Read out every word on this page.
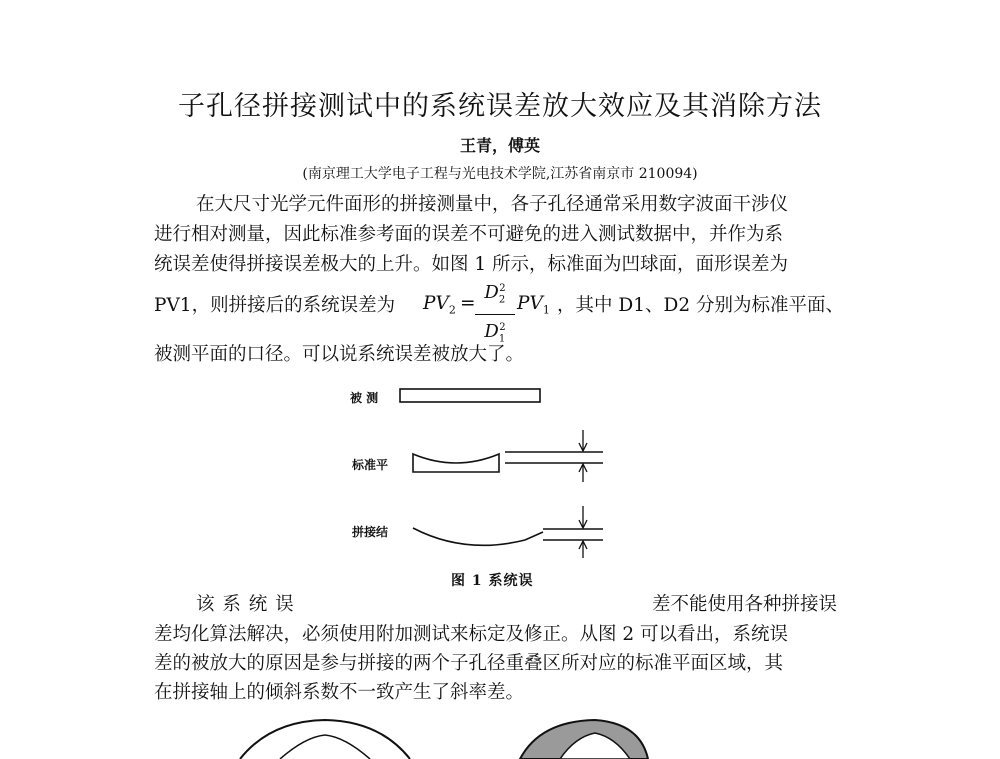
子孔径拼接测试中的系统误差放大效应及其消除方法
王青，傅英
(南京理工大学电子工程与光电技术学院,江苏省南京市 210094)
在大尺寸光学元件面形的拼接测量中，各子孔径通常采用数字波面干涉仪
进行相对测量，因此标准参考面的误差不可避免的进入测试数据中，并作为系
统误差使得拼接误差极大的上升。如图 1 所示，标准面为凹球面，面形误差为
PV1，则拼接后的系统误差为 $PV_2 = \frac{D_2^2}{D_1^2} PV_1$ ，其中 D1、D2 分别为标准平面、
被测平面的口径。可以说系统误差被放大了。
被 测
标准平
拼接结
图 1 系统误
该 系 统 误	差不能使用各种拼接误
差均化算法解决，必须使用附加测试来标定及修正。从图 2 可以看出，系统误
差的被放大的原因是参与拼接的两个子孔径重叠区所对应的标准平面区域，其
在拼接轴上的倾斜系数不一致产生了斜率差。
